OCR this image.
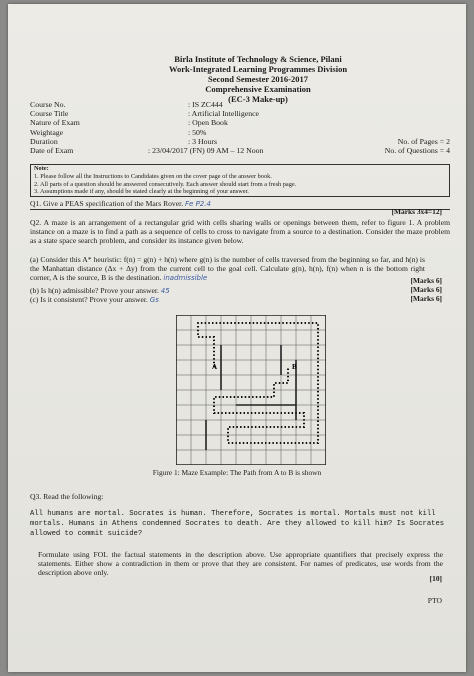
Birla Institute of Technology & Science, Pilani
Work-Integrated Learning Programmes Division
Second Semester 2016-2017
Comprehensive Examination
(EC-3 Make-up)
Course No.	: IS ZC444
Course Title	: Artificial Intelligence
Nature of Exam	: Open Book
Weightage	: 50%
Duration	: 3 Hours	No. of Pages = 2
Date of Exam	: 23/04/2017 (FN) 09 AM – 12 Noon	No. of Questions = 4
Note:
1. Please follow all the Instructions to Candidates given on the cover page of the answer book.
2. All parts of a question should be answered consecutively. Each answer should start from a fresh page.
3. Assumptions made if any, should be stated clearly at the beginning of your answer.
Q1. Give a PEAS specification of the Mars Rover. Fe P2.4
[Marks 3x4=12]
Q2. A maze is an arrangement of a rectangular grid with cells sharing walls or openings between them, refer to figure 1. A problem instance on a maze is to find a path as a sequence of cells to cross to navigate from a source to a destination. Consider the maze problem as a state space search problem, and consider its instance given below.
(a) Consider this A* heuristic: f(n) = g(n) + h(n) where g(n) is the number of cells traversed from the beginning so far, and h(n) is the Manhattan distance (Δx + Δy) from the current cell to the goal cell. Calculate g(n), h(n), f(n) when n is the bottom right corner, A is the source, B is the destination. inadmissible	[Marks 6]
(b) Is h(n) admissible? Prove your answer. 45	[Marks 6]
(c) Is it consistent? Prove your answer. Gs	[Marks 6]
A	B
Figure 1: Maze Example: The Path from A to B is shown
Q3. Read the following:
All humans are mortal. Socrates is human. Therefore, Socrates is mortal. Mortals must not kill mortals. Humans in Athens condemned Socrates to death. Are they allowed to kill him? Is Socrates allowed to commit suicide?
Formulate using FOL the factual statements in the description above. Use appropriate quantifiers that precisely express the statements. Either show a contradiction in them or prove that they are consistent. For names of predicates, use words from the description above only.
[10]
PTO
